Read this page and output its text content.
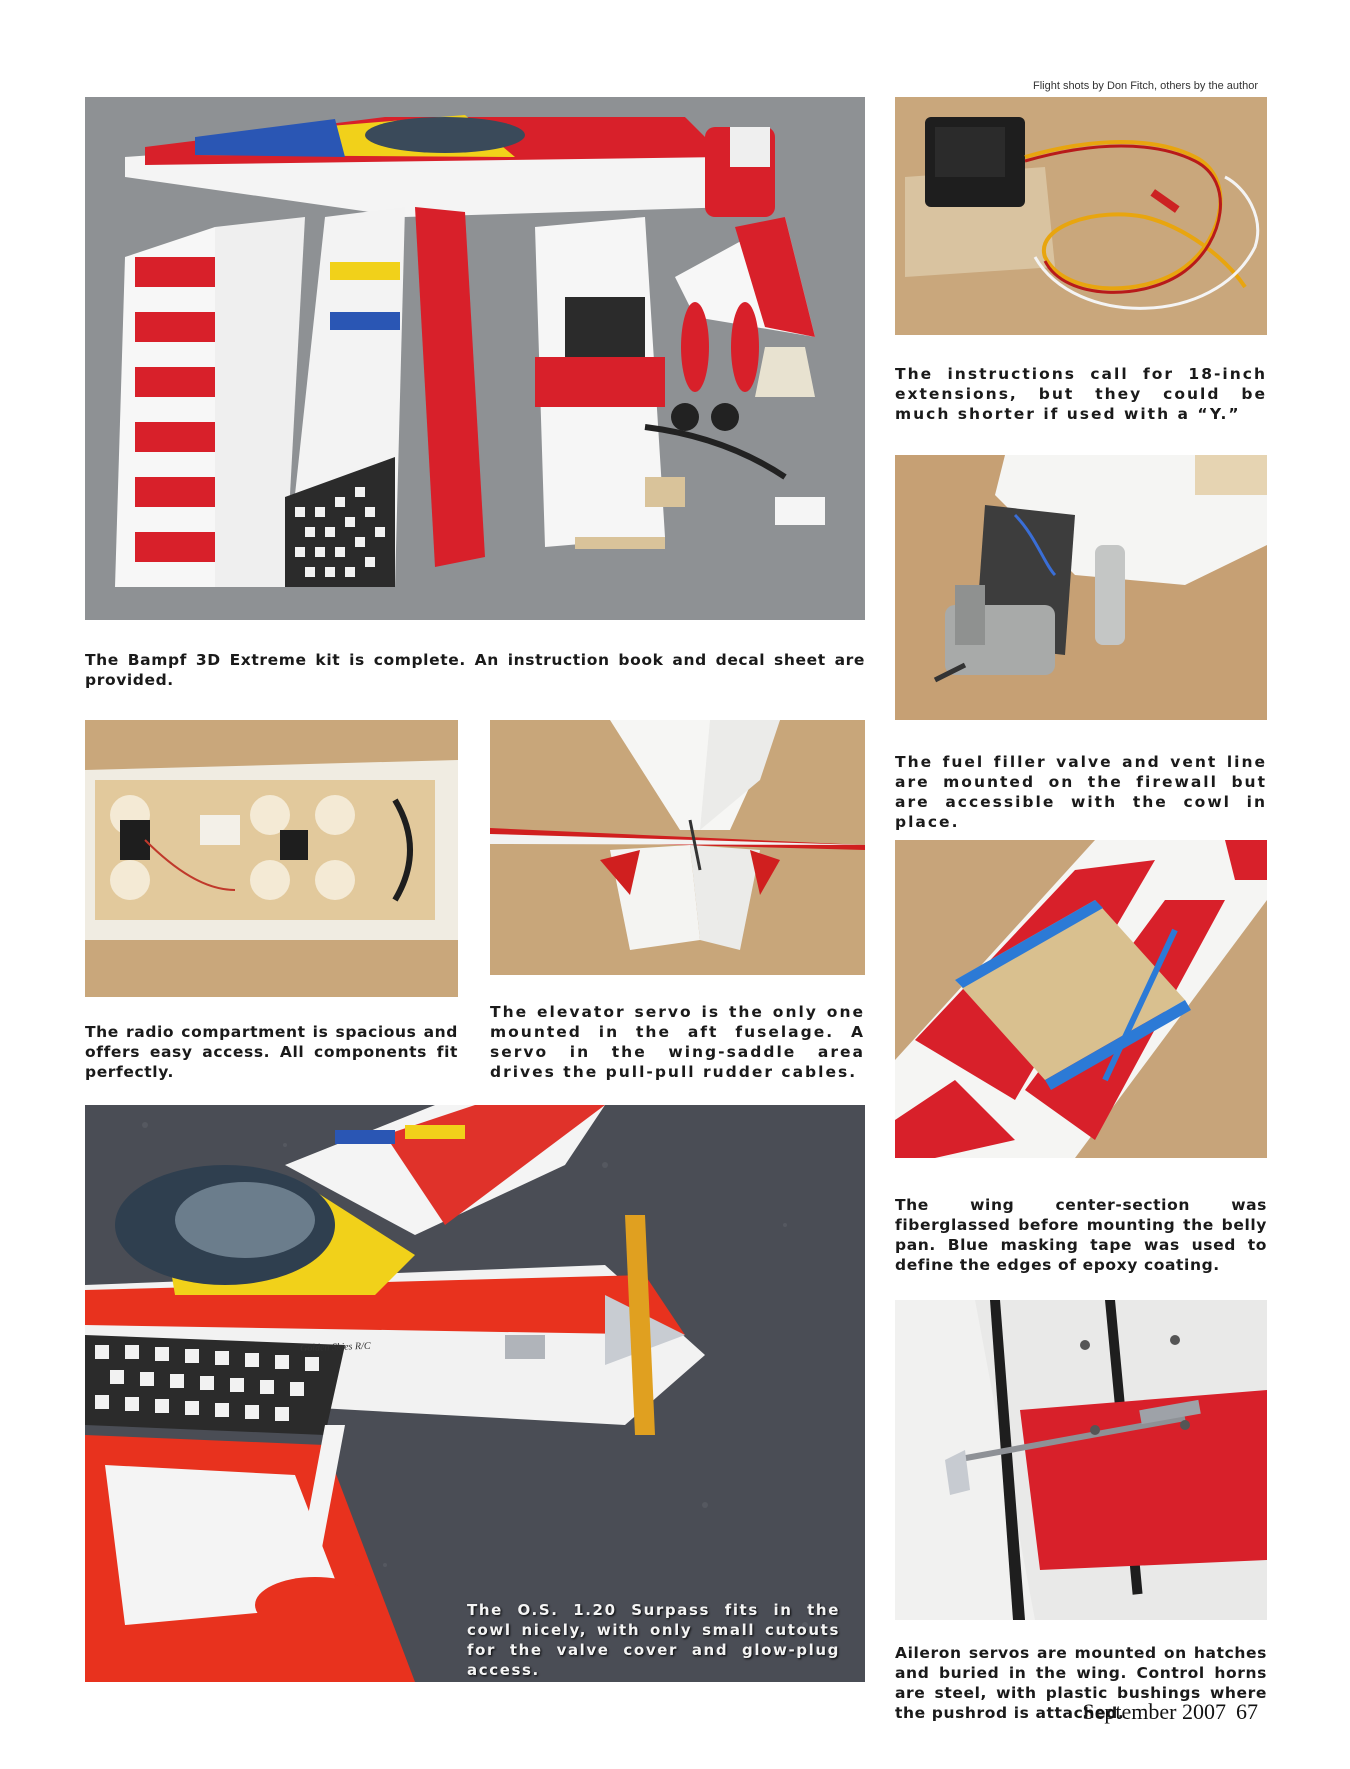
Flight shots by Don Fitch, others by the author

The Bampf 3D Extreme kit is complete. An instruction book and decal sheet are provided.

The instructions call for 18-inch extensions, but they could be much shorter if used with a “Y.”

The fuel filler valve and vent line are mounted on the firewall but are accessible with the cowl in place.

The radio compartment is spacious and offers easy access. All components fit perfectly.

The elevator servo is the only one mounted in the aft fuselage. A servo in the wing-saddle area drives the pull-pull rudder cables.

The wing center-section was fiberglassed before mounting the belly pan. Blue masking tape was used to define the edges of epoxy coating.

Golden Skies R/C

The O.S. 1.20 Surpass fits in the cowl nicely, with only small cutouts for the valve cover and glow-plug access.

Aileron servos are mounted on hatches and buried in the wing. Control horns are steel, with plastic bushings where the pushrod is attached.

September 2007 67
